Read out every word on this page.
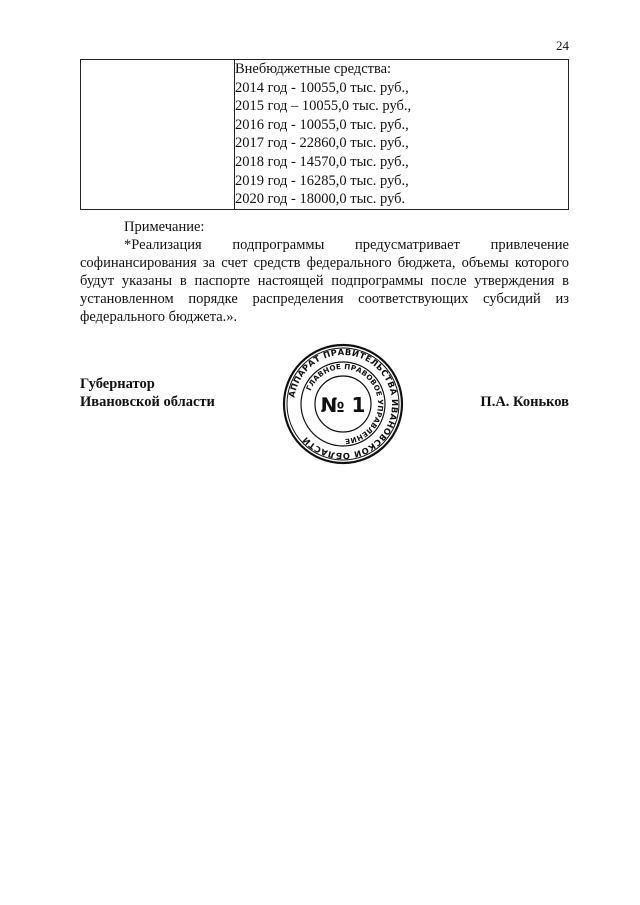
24

Внебюджетные средства:
2014 год - 10055,0 тыс. руб.,
2015 год – 10055,0 тыс. руб.,
2016 год - 10055,0 тыс. руб.,
2017 год - 22860,0 тыс. руб.,
2018 год - 14570,0 тыс. руб.,
2019 год - 16285,0 тыс. руб.,
2020 год - 18000,0 тыс. руб.
Примечание:
*Реализация подпрограммы предусматривает привлечение софинансирования за счет средств федерального бюджета, объемы которого будут указаны в паспорте настоящей подпрограммы после утверждения в установленном порядке распределения соответствующих субсидий из федерального бюджета.».
Губернатор
Ивановской области
АППАРАТ ПРАВИТЕЛЬСТВА ИВАНОВСКОЙ ОБЛАСТИ
ГЛАВНОЕ ПРАВОВОЕ УПРАВЛЕНИЕ
№ 1	П.А. Коньков
